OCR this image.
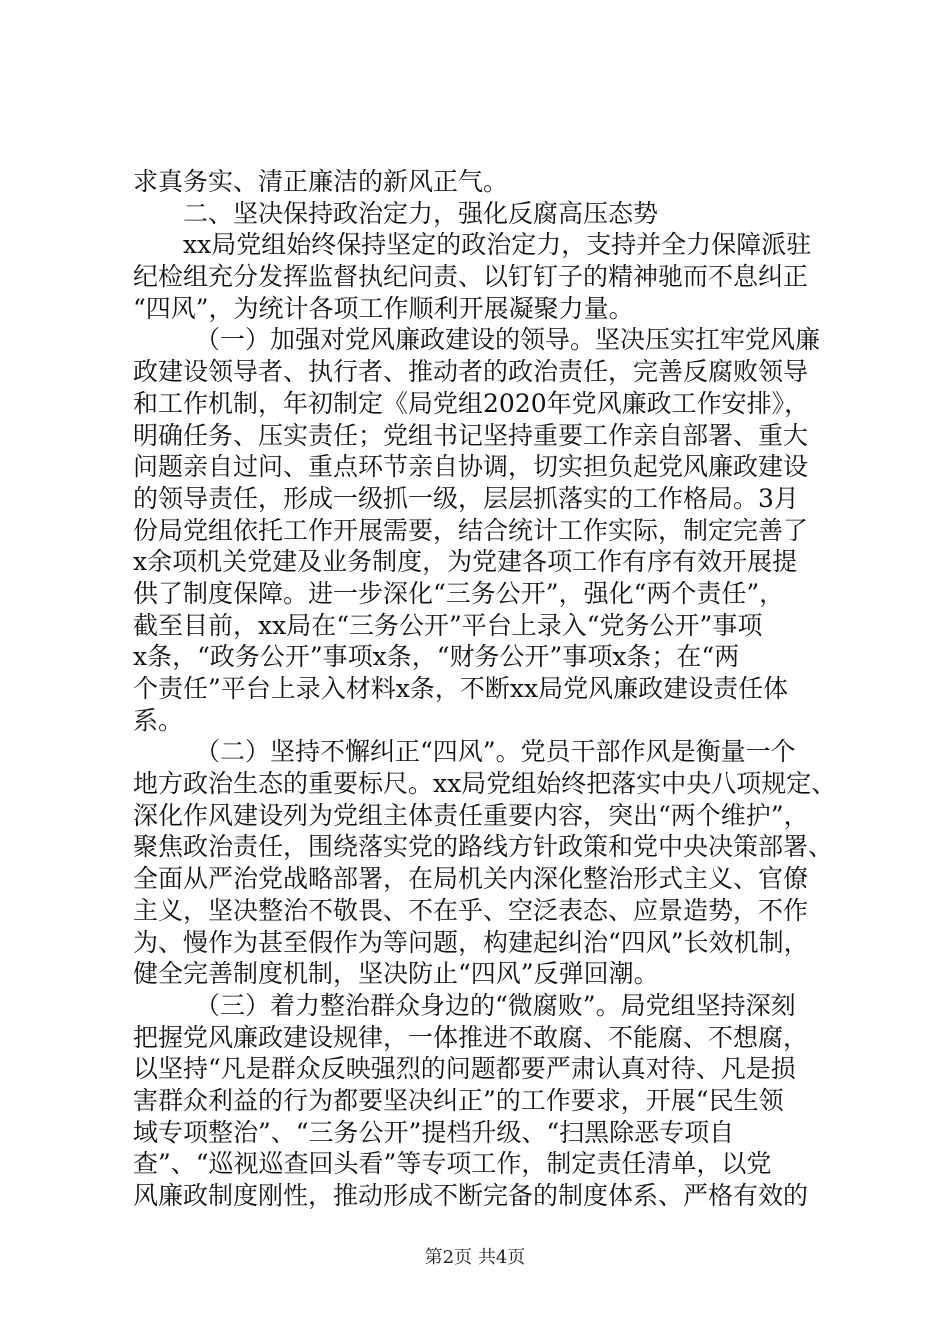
求真务实、清正廉洁的新风正气。
二、坚决保持政治定力，强化反腐高压态势
xx局党组始终保持坚定的政治定力，支持并全力保障派驻
纪检组充分发挥监督执纪问责、以钉钉子的精神驰而不息纠正
“四风”，为统计各项工作顺利开展凝聚力量。
（一）加强对党风廉政建设的领导。坚决压实扛牢党风廉
政建设领导者、执行者、推动者的政治责任，完善反腐败领导
和工作机制，年初制定《局党组2020年党风廉政工作安排》，
明确任务、压实责任；党组书记坚持重要工作亲自部署、重大
问题亲自过问、重点环节亲自协调，切实担负起党风廉政建设
的领导责任，形成一级抓一级，层层抓落实的工作格局。3月
份局党组依托工作开展需要，结合统计工作实际，制定完善了
x余项机关党建及业务制度，为党建各项工作有序有效开展提
供了制度保障。进一步深化“三务公开”，强化“两个责任”，
截至目前，xx局在“三务公开”平台上录入“党务公开”事项
x条，“政务公开”事项x条，“财务公开”事项x条；在“两
个责任”平台上录入材料x条，不断xx局党风廉政建设责任体
系。
（二）坚持不懈纠正“四风”。党员干部作风是衡量一个
地方政治生态的重要标尺。xx局党组始终把落实中央八项规定、
深化作风建设列为党组主体责任重要内容，突出“两个维护”，
聚焦政治责任，围绕落实党的路线方针政策和党中央决策部署、
全面从严治党战略部署，在局机关内深化整治形式主义、官僚
主义，坚决整治不敬畏、不在乎、空泛表态、应景造势，不作
为、慢作为甚至假作为等问题，构建起纠治“四风”长效机制，
健全完善制度机制，坚决防止“四风”反弹回潮。
（三）着力整治群众身边的“微腐败”。局党组坚持深刻
把握党风廉政建设规律，一体推进不敢腐、不能腐、不想腐，
以坚持“凡是群众反映强烈的问题都要严肃认真对待、凡是损
害群众利益的行为都要坚决纠正”的工作要求，开展“民生领
域专项整治”、“三务公开”提档升级、“扫黑除恶专项自
查”、“巡视巡查回头看”等专项工作，制定责任清单，以党
风廉政制度刚性，推动形成不断完备的制度体系、严格有效的
第2页 共4页
